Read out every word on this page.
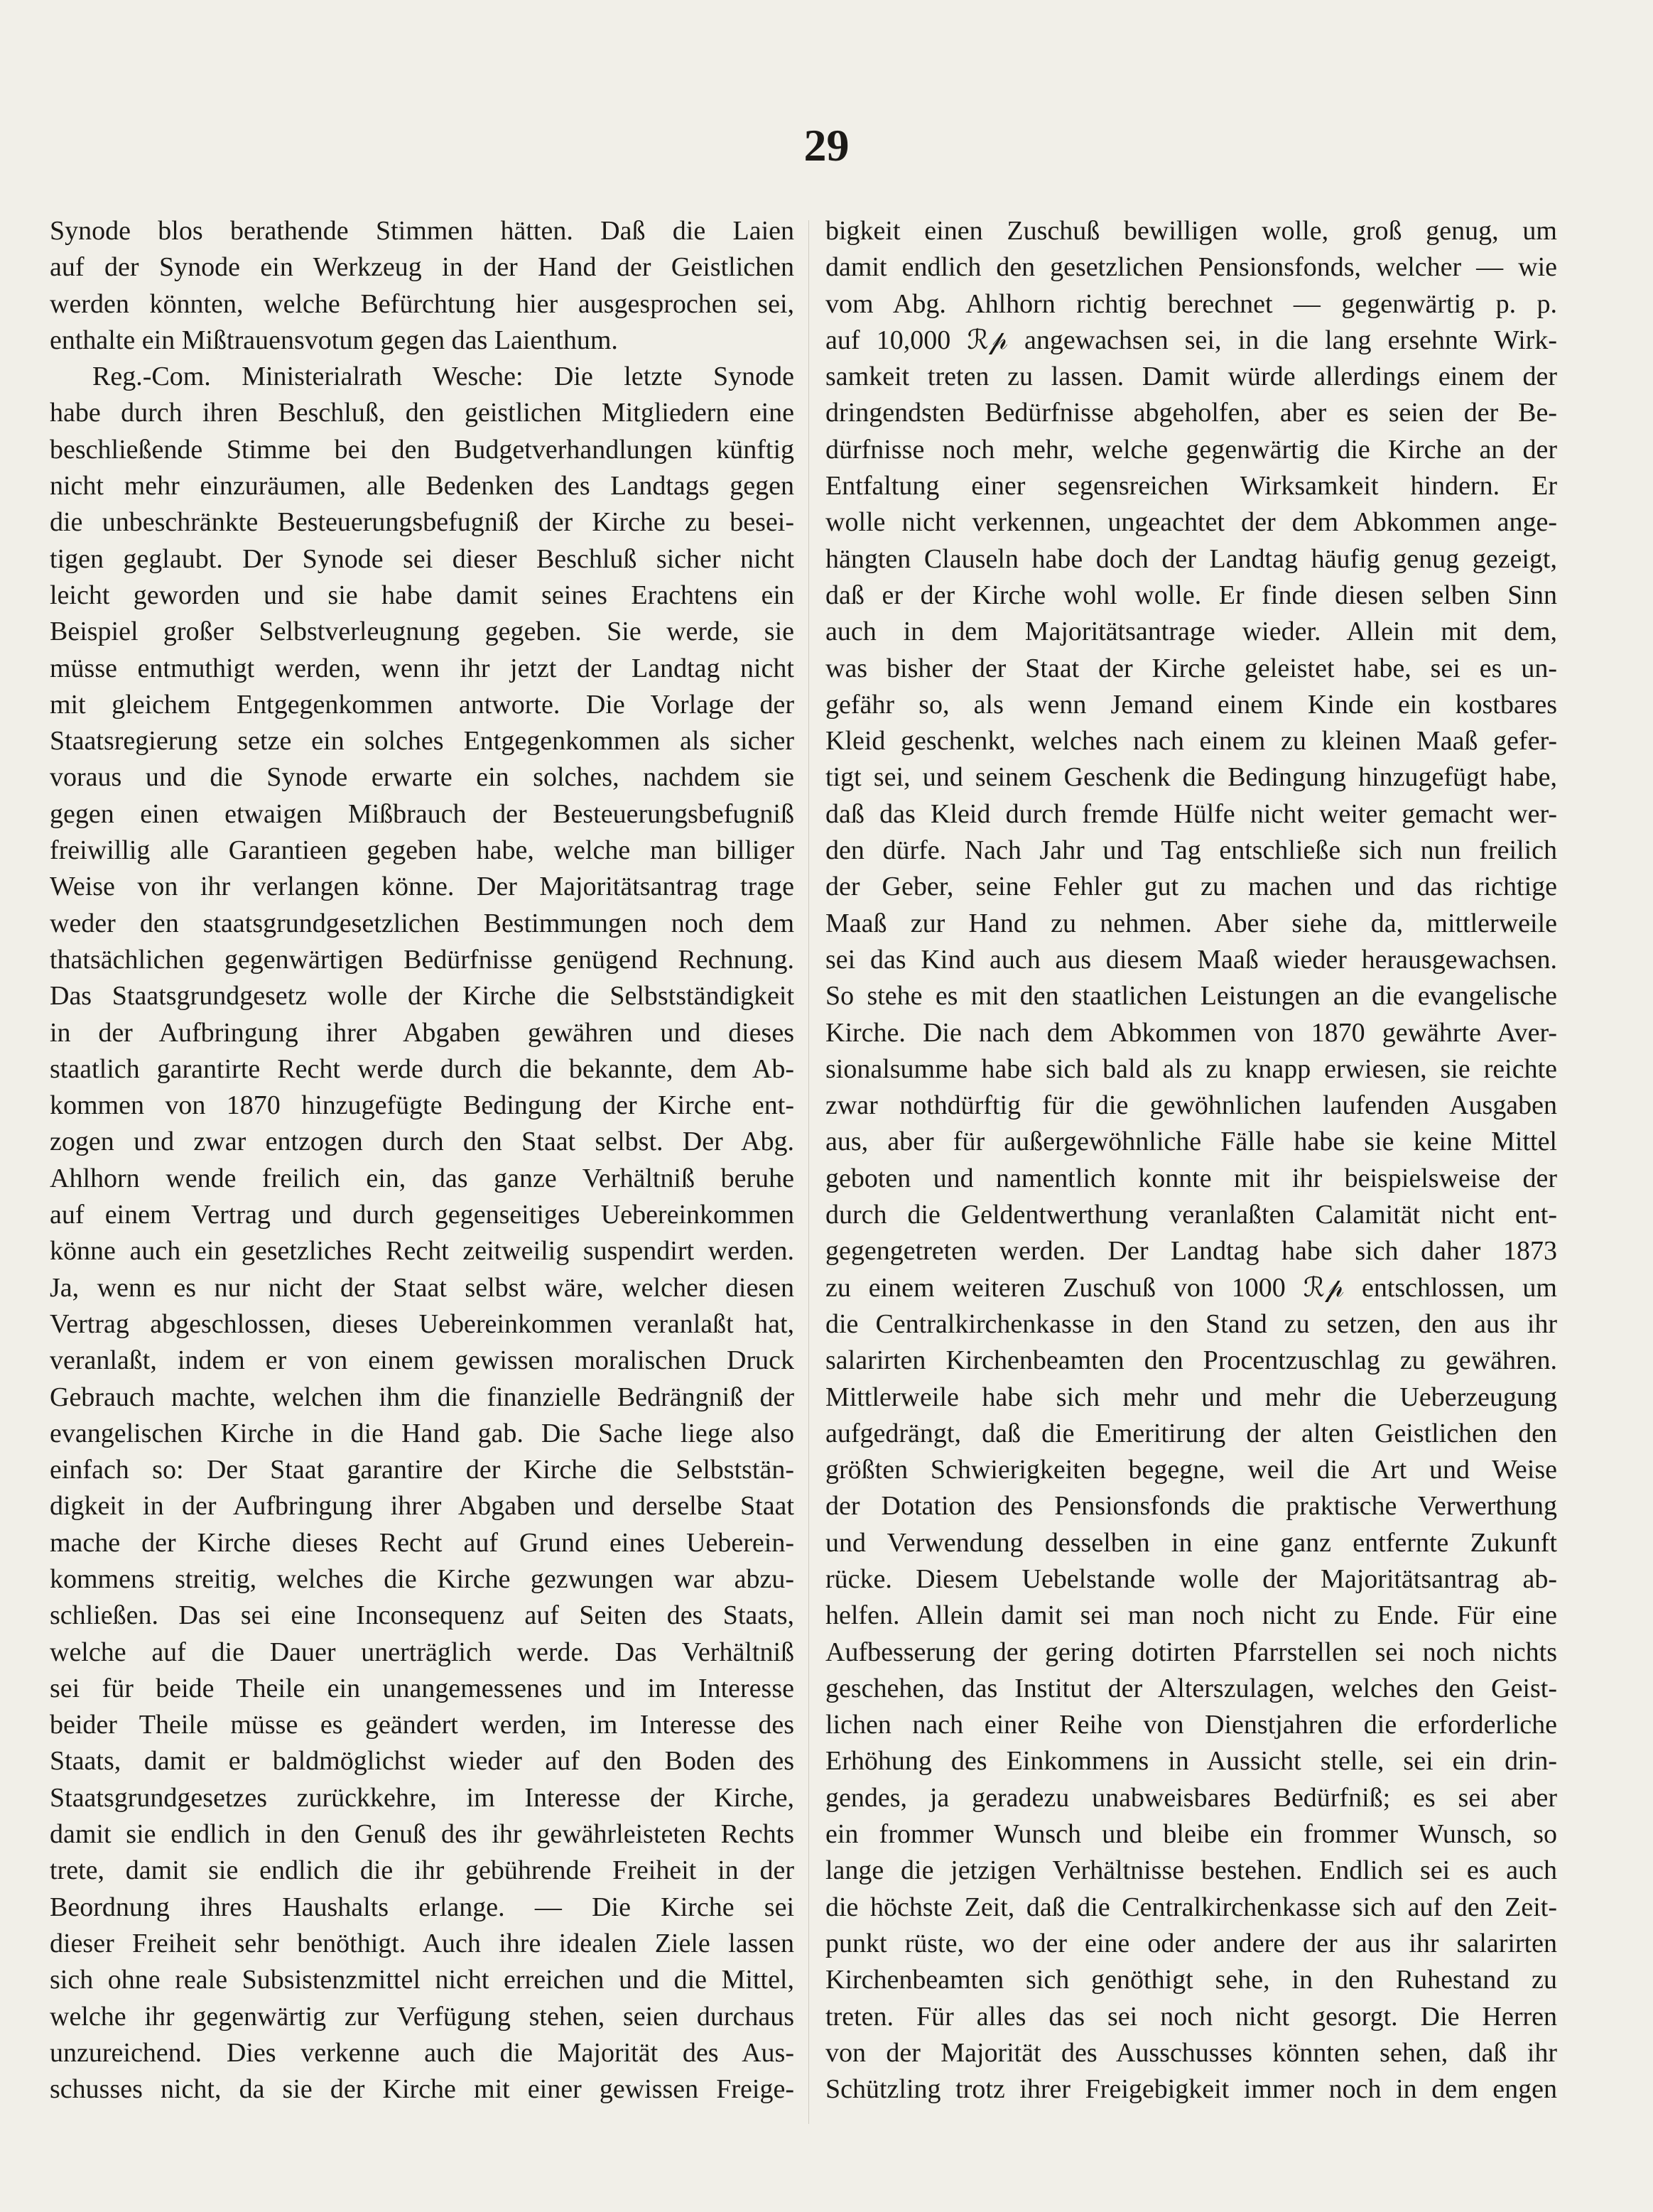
29
Synode blos berathende Stimmen hätten. Daß die Laien
auf der Synode ein Werkzeug in der Hand der Geistlichen
werden könnten, welche Befürchtung hier ausgesprochen sei,
enthalte ein Mißtrauensvotum gegen das Laienthum.
Reg.-Com. Ministerialrath Wesche: Die letzte Synode
habe durch ihren Beschluß, den geistlichen Mitgliedern eine
beschließende Stimme bei den Budgetverhandlungen künftig
nicht mehr einzuräumen, alle Bedenken des Landtags gegen
die unbeschränkte Besteuerungsbefugniß der Kirche zu besei-
tigen geglaubt. Der Synode sei dieser Beschluß sicher nicht
leicht geworden und sie habe damit seines Erachtens ein
Beispiel großer Selbstverleugnung gegeben. Sie werde, sie
müsse entmuthigt werden, wenn ihr jetzt der Landtag nicht
mit gleichem Entgegenkommen antworte. Die Vorlage der
Staatsregierung setze ein solches Entgegenkommen als sicher
voraus und die Synode erwarte ein solches, nachdem sie
gegen einen etwaigen Mißbrauch der Besteuerungsbefugniß
freiwillig alle Garantieen gegeben habe, welche man billiger
Weise von ihr verlangen könne. Der Majoritätsantrag trage
weder den staatsgrundgesetzlichen Bestimmungen noch dem
thatsächlichen gegenwärtigen Bedürfnisse genügend Rechnung.
Das Staatsgrundgesetz wolle der Kirche die Selbstständigkeit
in der Aufbringung ihrer Abgaben gewähren und dieses
staatlich garantirte Recht werde durch die bekannte, dem Ab-
kommen von 1870 hinzugefügte Bedingung der Kirche ent-
zogen und zwar entzogen durch den Staat selbst. Der Abg.
Ahlhorn wende freilich ein, das ganze Verhältniß beruhe
auf einem Vertrag und durch gegenseitiges Uebereinkommen
könne auch ein gesetzliches Recht zeitweilig suspendirt werden.
Ja, wenn es nur nicht der Staat selbst wäre, welcher diesen
Vertrag abgeschlossen, dieses Uebereinkommen veranlaßt hat,
veranlaßt, indem er von einem gewissen moralischen Druck
Gebrauch machte, welchen ihm die finanzielle Bedrängniß der
evangelischen Kirche in die Hand gab. Die Sache liege also
einfach so: Der Staat garantire der Kirche die Selbststän-
digkeit in der Aufbringung ihrer Abgaben und derselbe Staat
mache der Kirche dieses Recht auf Grund eines Ueberein-
kommens streitig, welches die Kirche gezwungen war abzu-
schließen. Das sei eine Inconsequenz auf Seiten des Staats,
welche auf die Dauer unerträglich werde. Das Verhältniß
sei für beide Theile ein unangemessenes und im Interesse
beider Theile müsse es geändert werden, im Interesse des
Staats, damit er baldmöglichst wieder auf den Boden des
Staatsgrundgesetzes zurückkehre, im Interesse der Kirche,
damit sie endlich in den Genuß des ihr gewährleisteten Rechts
trete, damit sie endlich die ihr gebührende Freiheit in der
Beordnung ihres Haushalts erlange. — Die Kirche sei
dieser Freiheit sehr benöthigt. Auch ihre idealen Ziele lassen
sich ohne reale Subsistenzmittel nicht erreichen und die Mittel,
welche ihr gegenwärtig zur Verfügung stehen, seien durchaus
unzureichend. Dies verkenne auch die Majorität des Aus-
schusses nicht, da sie der Kirche mit einer gewissen Freige-
bigkeit einen Zuschuß bewilligen wolle, groß genug, um
damit endlich den gesetzlichen Pensionsfonds, welcher — wie
vom Abg. Ahlhorn richtig berechnet — gegenwärtig p. p.
auf 10,000 ℛ𝓅 angewachsen sei, in die lang ersehnte Wirk-
samkeit treten zu lassen. Damit würde allerdings einem der
dringendsten Bedürfnisse abgeholfen, aber es seien der Be-
dürfnisse noch mehr, welche gegenwärtig die Kirche an der
Entfaltung einer segensreichen Wirksamkeit hindern. Er
wolle nicht verkennen, ungeachtet der dem Abkommen ange-
hängten Clauseln habe doch der Landtag häufig genug gezeigt,
daß er der Kirche wohl wolle. Er finde diesen selben Sinn
auch in dem Majoritätsantrage wieder. Allein mit dem,
was bisher der Staat der Kirche geleistet habe, sei es un-
gefähr so, als wenn Jemand einem Kinde ein kostbares
Kleid geschenkt, welches nach einem zu kleinen Maaß gefer-
tigt sei, und seinem Geschenk die Bedingung hinzugefügt habe,
daß das Kleid durch fremde Hülfe nicht weiter gemacht wer-
den dürfe. Nach Jahr und Tag entschließe sich nun freilich
der Geber, seine Fehler gut zu machen und das richtige
Maaß zur Hand zu nehmen. Aber siehe da, mittlerweile
sei das Kind auch aus diesem Maaß wieder herausgewachsen.
So stehe es mit den staatlichen Leistungen an die evangelische
Kirche. Die nach dem Abkommen von 1870 gewährte Aver-
sionalsumme habe sich bald als zu knapp erwiesen, sie reichte
zwar nothdürftig für die gewöhnlichen laufenden Ausgaben
aus, aber für außergewöhnliche Fälle habe sie keine Mittel
geboten und namentlich konnte mit ihr beispielsweise der
durch die Geldentwerthung veranlaßten Calamität nicht ent-
gegengetreten werden. Der Landtag habe sich daher 1873
zu einem weiteren Zuschuß von 1000 ℛ𝓅 entschlossen, um
die Centralkirchenkasse in den Stand zu setzen, den aus ihr
salarirten Kirchenbeamten den Procentzuschlag zu gewähren.
Mittlerweile habe sich mehr und mehr die Ueberzeugung
aufgedrängt, daß die Emeritirung der alten Geistlichen den
größten Schwierigkeiten begegne, weil die Art und Weise
der Dotation des Pensionsfonds die praktische Verwerthung
und Verwendung desselben in eine ganz entfernte Zukunft
rücke. Diesem Uebelstande wolle der Majoritätsantrag ab-
helfen. Allein damit sei man noch nicht zu Ende. Für eine
Aufbesserung der gering dotirten Pfarrstellen sei noch nichts
geschehen, das Institut der Alterszulagen, welches den Geist-
lichen nach einer Reihe von Dienstjahren die erforderliche
Erhöhung des Einkommens in Aussicht stelle, sei ein drin-
gendes, ja geradezu unabweisbares Bedürfniß; es sei aber
ein frommer Wunsch und bleibe ein frommer Wunsch, so
lange die jetzigen Verhältnisse bestehen. Endlich sei es auch
die höchste Zeit, daß die Centralkirchenkasse sich auf den Zeit-
punkt rüste, wo der eine oder andere der aus ihr salarirten
Kirchenbeamten sich genöthigt sehe, in den Ruhestand zu
treten. Für alles das sei noch nicht gesorgt. Die Herren
von der Majorität des Ausschusses könnten sehen, daß ihr
Schützling trotz ihrer Freigebigkeit immer noch in dem engen
